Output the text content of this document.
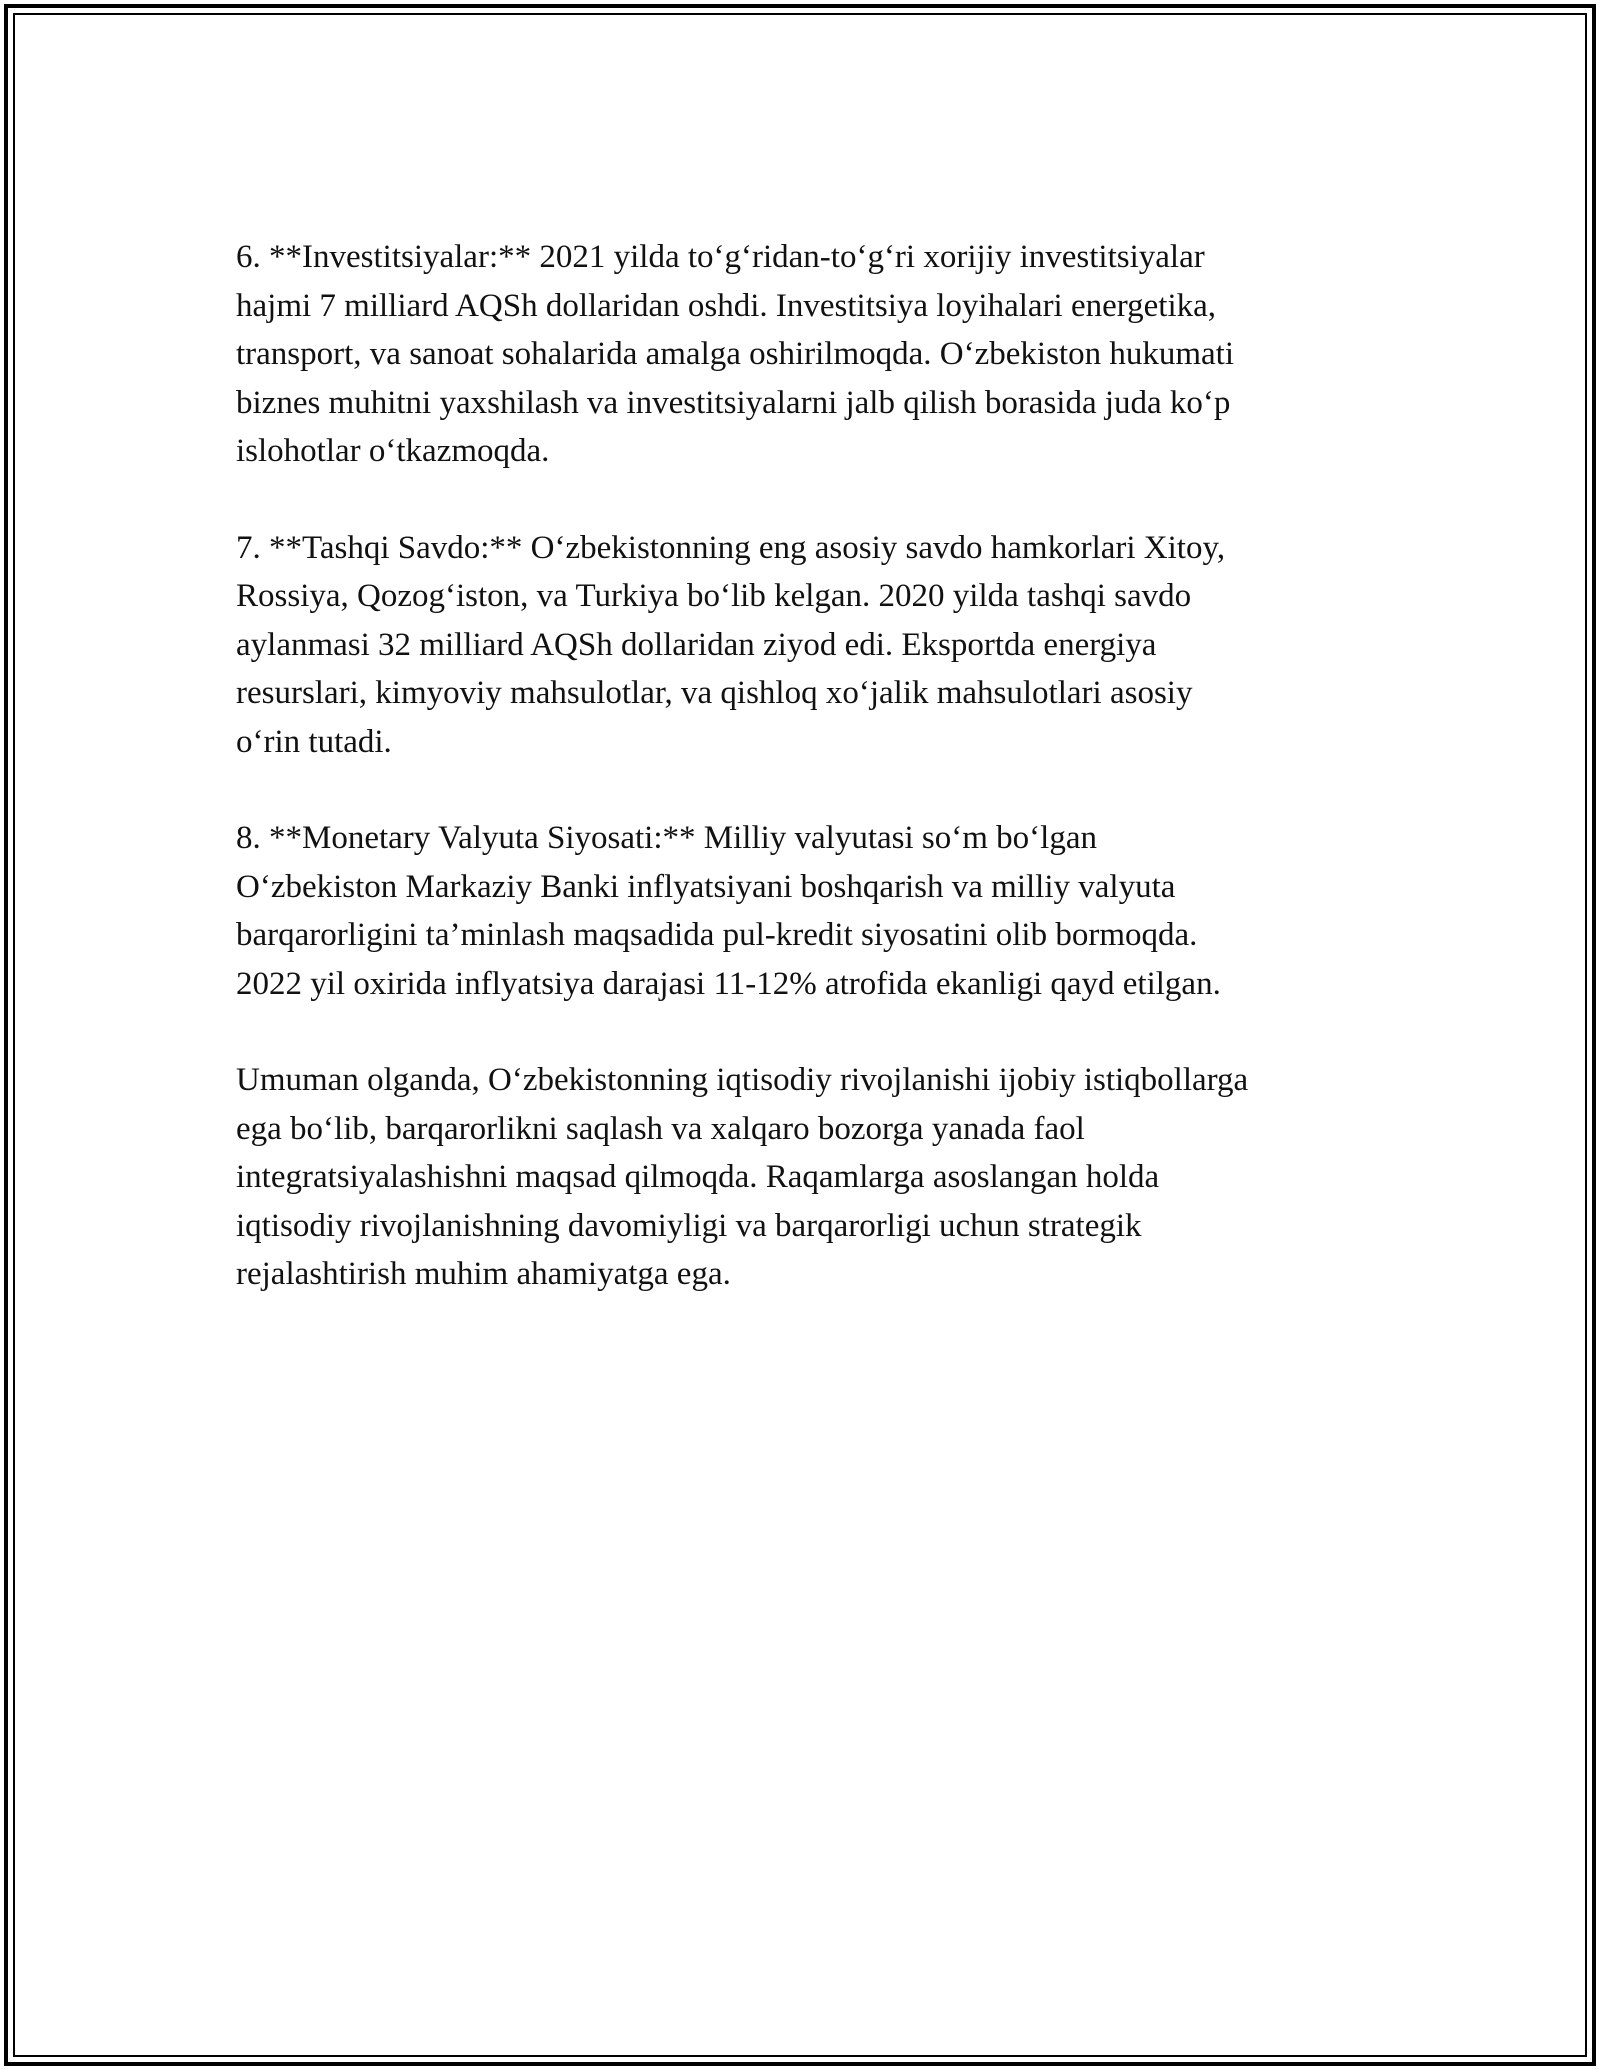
6. **Investitsiyalar:** 2021 yilda to‘g‘ridan-to‘g‘ri xorijiy investitsiyalar
hajmi 7 milliard AQSh dollaridan oshdi. Investitsiya loyihalari energetika,
transport, va sanoat sohalarida amalga oshirilmoqda. O‘zbekiston hukumati
biznes muhitni yaxshilash va investitsiyalarni jalb qilish borasida juda ko‘p
islohotlar o‘tkazmoqda.

7. **Tashqi Savdo:** O‘zbekistonning eng asosiy savdo hamkorlari Xitoy,
Rossiya, Qozog‘iston, va Turkiya bo‘lib kelgan. 2020 yilda tashqi savdo
aylanmasi 32 milliard AQSh dollaridan ziyod edi. Eksportda energiya
resurslari, kimyoviy mahsulotlar, va qishloq xo‘jalik mahsulotlari asosiy
o‘rin tutadi.

8. **Monetary Valyuta Siyosati:** Milliy valyutasi so‘m bo‘lgan
O‘zbekiston Markaziy Banki inflyatsiyani boshqarish va milliy valyuta
barqarorligini ta’minlash maqsadida pul-kredit siyosatini olib bormoqda.
2022 yil oxirida inflyatsiya darajasi 11-12% atrofida ekanligi qayd etilgan.

Umuman olganda, O‘zbekistonning iqtisodiy rivojlanishi ijobiy istiqbollarga
ega bo‘lib, barqarorlikni saqlash va xalqaro bozorga yanada faol
integratsiyalashishni maqsad qilmoqda. Raqamlarga asoslangan holda
iqtisodiy rivojlanishning davomiyligi va barqarorligi uchun strategik
rejalashtirish muhim ahamiyatga ega.
